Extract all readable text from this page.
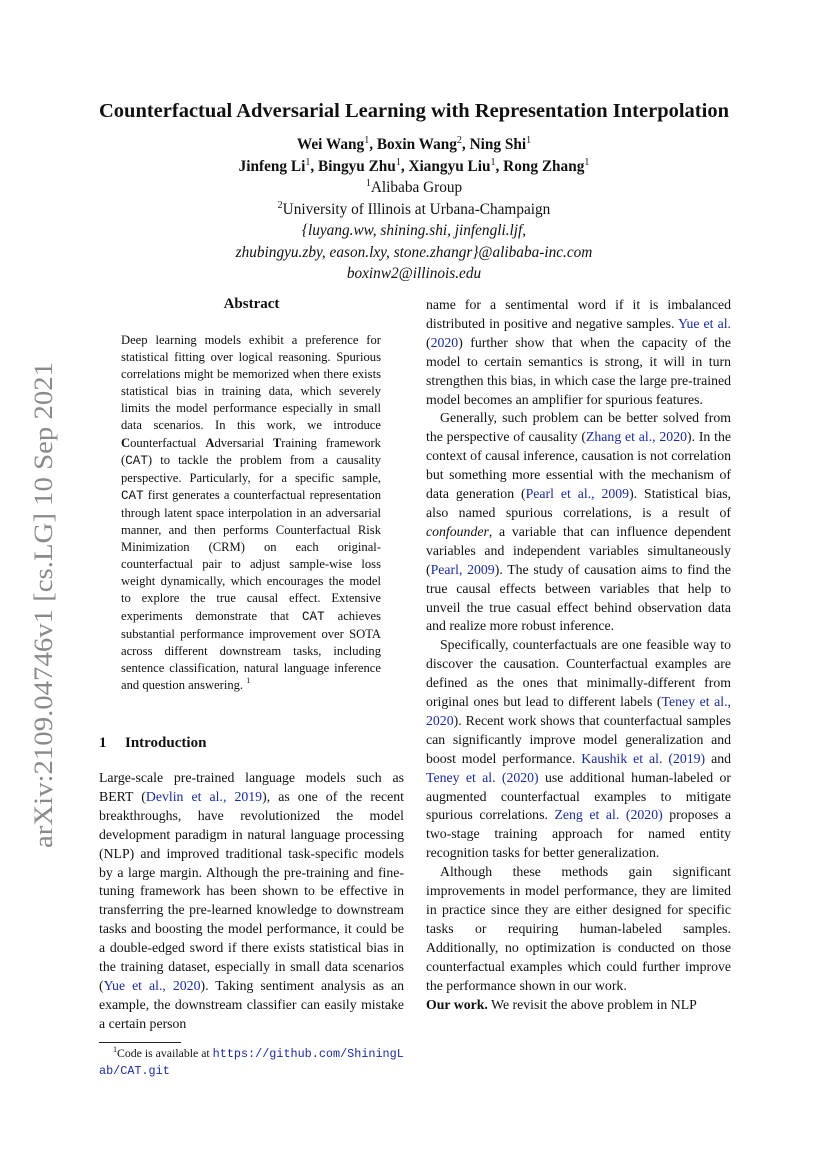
arXiv:2109.04746v1 [cs.LG] 10 Sep 2021
Counterfactual Adversarial Learning with Representation Interpolation
Wei Wang$^1$, Boxin Wang$^2$, Ning Shi$^1$
Jinfeng Li$^1$, Bingyu Zhu$^1$, Xiangyu Liu$^1$, Rong Zhang$^1$
$^1$Alibaba Group
$^2$University of Illinois at Urbana-Champaign
{luyang.ww, shining.shi, jinfengli.ljf,
zhubingyu.zby, eason.lxy, stone.zhangr}@alibaba-inc.com
boxinw2@illinois.edu
Abstract
Deep learning models exhibit a preference for statistical fitting over logical reasoning. Spurious correlations might be memorized when there exists statistical bias in training data, which severely limits the model performance especially in small data scenarios. In this work, we introduce Counterfactual Adversarial Training framework (CAT) to tackle the problem from a causality perspective. Particularly, for a specific sample, CAT first generates a counterfactual representation through latent space interpolation in an adversarial manner, and then performs Counterfactual Risk Minimization (CRM) on each original-counterfactual pair to adjust sample-wise loss weight dynamically, which encourages the model to explore the true causal effect. Extensive experiments demonstrate that CAT achieves substantial performance improvement over SOTA across different downstream tasks, including sentence classification, natural language inference and question answering. $^1$
1 Introduction

Large-scale pre-trained language models such as BERT (Devlin et al., 2019), as one of the recent breakthroughs, have revolutionized the model development paradigm in natural language processing (NLP) and improved traditional task-specific models by a large margin. Although the pre-training and fine-tuning framework has been shown to be effective in transferring the pre-learned knowledge to downstream tasks and boosting the model performance, it could be a double-edged sword if there exists statistical bias in the training dataset, especially in small data scenarios (Yue et al., 2020). Taking sentiment analysis as an example, the downstream classifier can easily mistake a certain person

$^1$Code is available at https://github.com/ShiningLab/CAT.git

name for a sentimental word if it is imbalanced distributed in positive and negative samples. Yue et al. (2020) further show that when the capacity of the model to certain semantics is strong, it will in turn strengthen this bias, in which case the large pre-trained model becomes an amplifier for spurious features.

Generally, such problem can be better solved from the perspective of causality (Zhang et al., 2020). In the context of causal inference, causation is not correlation but something more essential with the mechanism of data generation (Pearl et al., 2009). Statistical bias, also named spurious correlations, is a result of confounder, a variable that can influence dependent variables and independent variables simultaneously (Pearl, 2009). The study of causation aims to find the true causal effects between variables that help to unveil the true casual effect behind observation data and realize more robust inference.

Specifically, counterfactuals are one feasible way to discover the causation. Counterfactual examples are defined as the ones that minimally-different from original ones but lead to different labels (Teney et al., 2020). Recent work shows that counterfactual samples can significantly improve model generalization and boost model performance. Kaushik et al. (2019) and Teney et al. (2020) use additional human-labeled or augmented counterfactual examples to mitigate spurious correlations. Zeng et al. (2020) proposes a two-stage training approach for named entity recognition tasks for better generalization.

Although these methods gain significant improvements in model performance, they are limited in practice since they are either designed for specific tasks or requiring human-labeled samples. Additionally, no optimization is conducted on those counterfactual examples which could further improve the performance shown in our work.

Our work. We revisit the above problem in NLP
